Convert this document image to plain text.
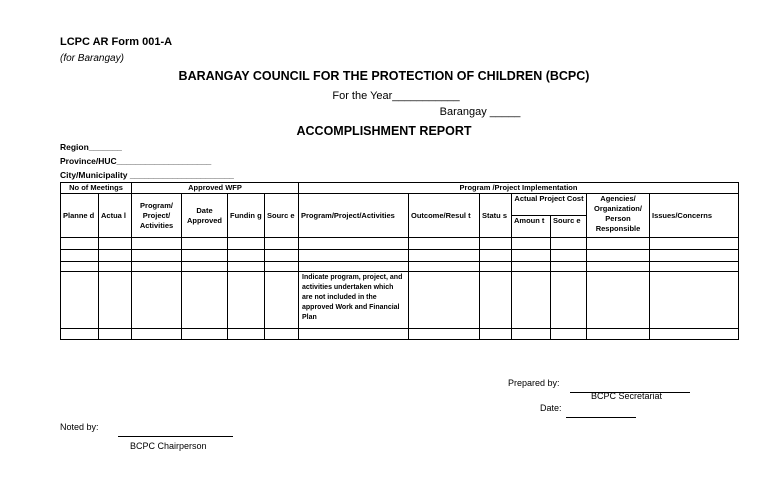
LCPC AR Form 001-A
(for Barangay)
BARANGAY COUNCIL FOR THE PROTECTION OF CHILDREN (BCPC)
For the Year___________
Barangay _____
ACCOMPLISHMENT REPORT
Region_______
Province/HUC____________________
City/Municipality ______________________
No of Meetings		Approved WFP				Program /Project Implementation						
Planne d	Actua l	Program/ Project/ Activities	Date Approved	Fundin g	Sourc e	Program/Project/Activities	Outcome/Resul t	Statu s	Actual Project Cost		Agencies/ Organization/ Person Responsible	Issues/Concerns
									Amoun t	Sourc e		

						Indicate program, project, and activities undertaken which are not included in the approved Work and Financial Plan						

Prepared by:
BCPC Secretariat
Date:
Noted by:
BCPC Chairperson
